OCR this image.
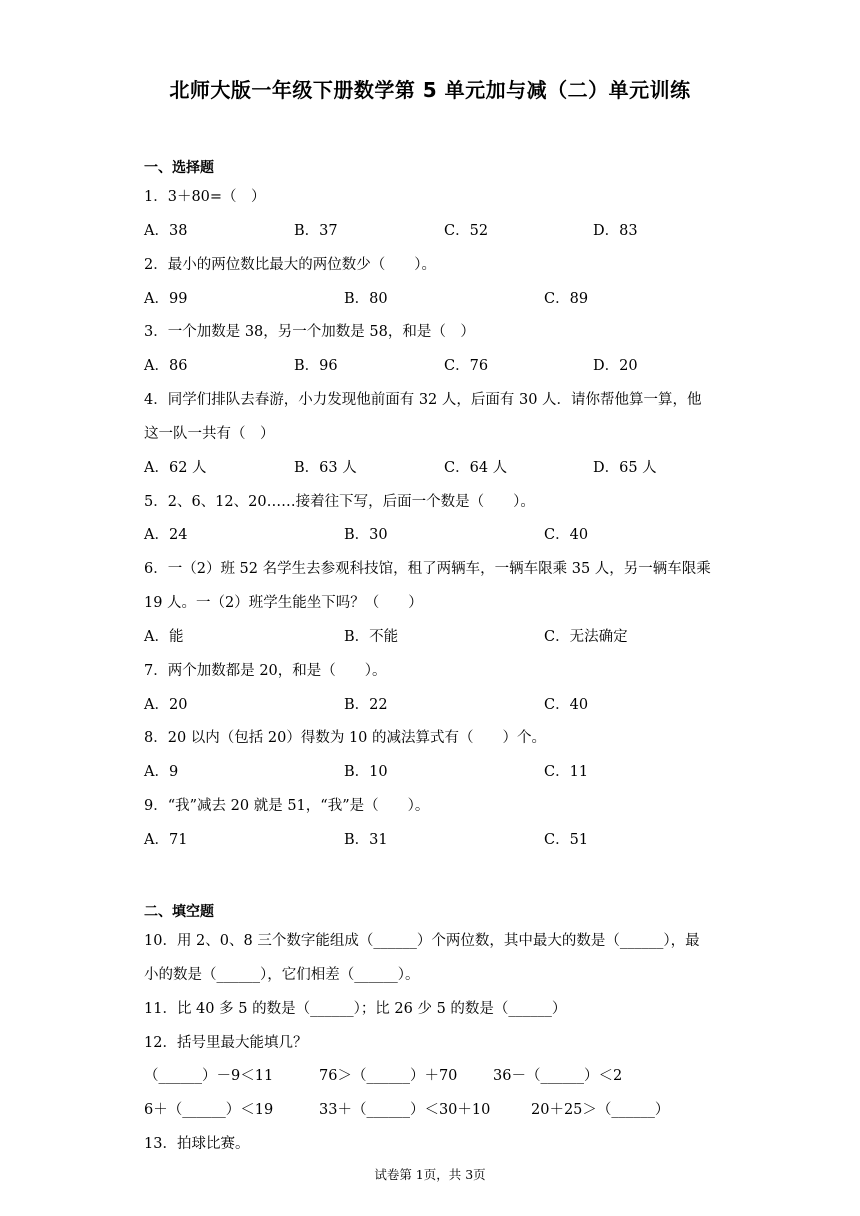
北师大版一年级下册数学第 5 单元加与减（二）单元训练
一、选择题
1．3＋80=（　）
A．38	B．37	C．52	D．83
2．最小的两位数比最大的两位数少（　　）。
A．99	B．80	C．89
3．一个加数是 38，另一个加数是 58，和是（　）
A．86	B．96	C．76	D．20
4．同学们排队去春游，小力发现他前面有 32 人，后面有 30 人．请你帮他算一算，他
这一队一共有（　）
A．62 人	B．63 人	C．64 人	D．65 人
5．2、6、12、20……接着往下写，后面一个数是（　　）。
A．24	B．30	C．40
6．一（2）班 52 名学生去参观科技馆，租了两辆车，一辆车限乘 35 人，另一辆车限乘
19 人。一（2）班学生能坐下吗？（　　）
A．能	B．不能	C．无法确定
7．两个加数都是 20，和是（　　）。
A．20	B．22	C．40
8．20 以内（包括 20）得数为 10 的减法算式有（　　）个。
A．9	B．10	C．11
9．“我”减去 20 就是 51，“我”是（　　）。
A．71	B．31	C．51
二、填空题
10．用 2、0、8 三个数字能组成（______）个两位数，其中最大的数是（______），最
小的数是（______），它们相差（______）。
11．比 40 多 5 的数是（______）；比 26 少 5 的数是（______）
12．括号里最大能填几？
（______）－9＜11	76＞（______）＋70 36－（______）＜2
6＋（______）＜19	33＋（______）＜30＋10	20＋25＞（______）
13．拍球比赛。
试卷第 1页，共 3页
